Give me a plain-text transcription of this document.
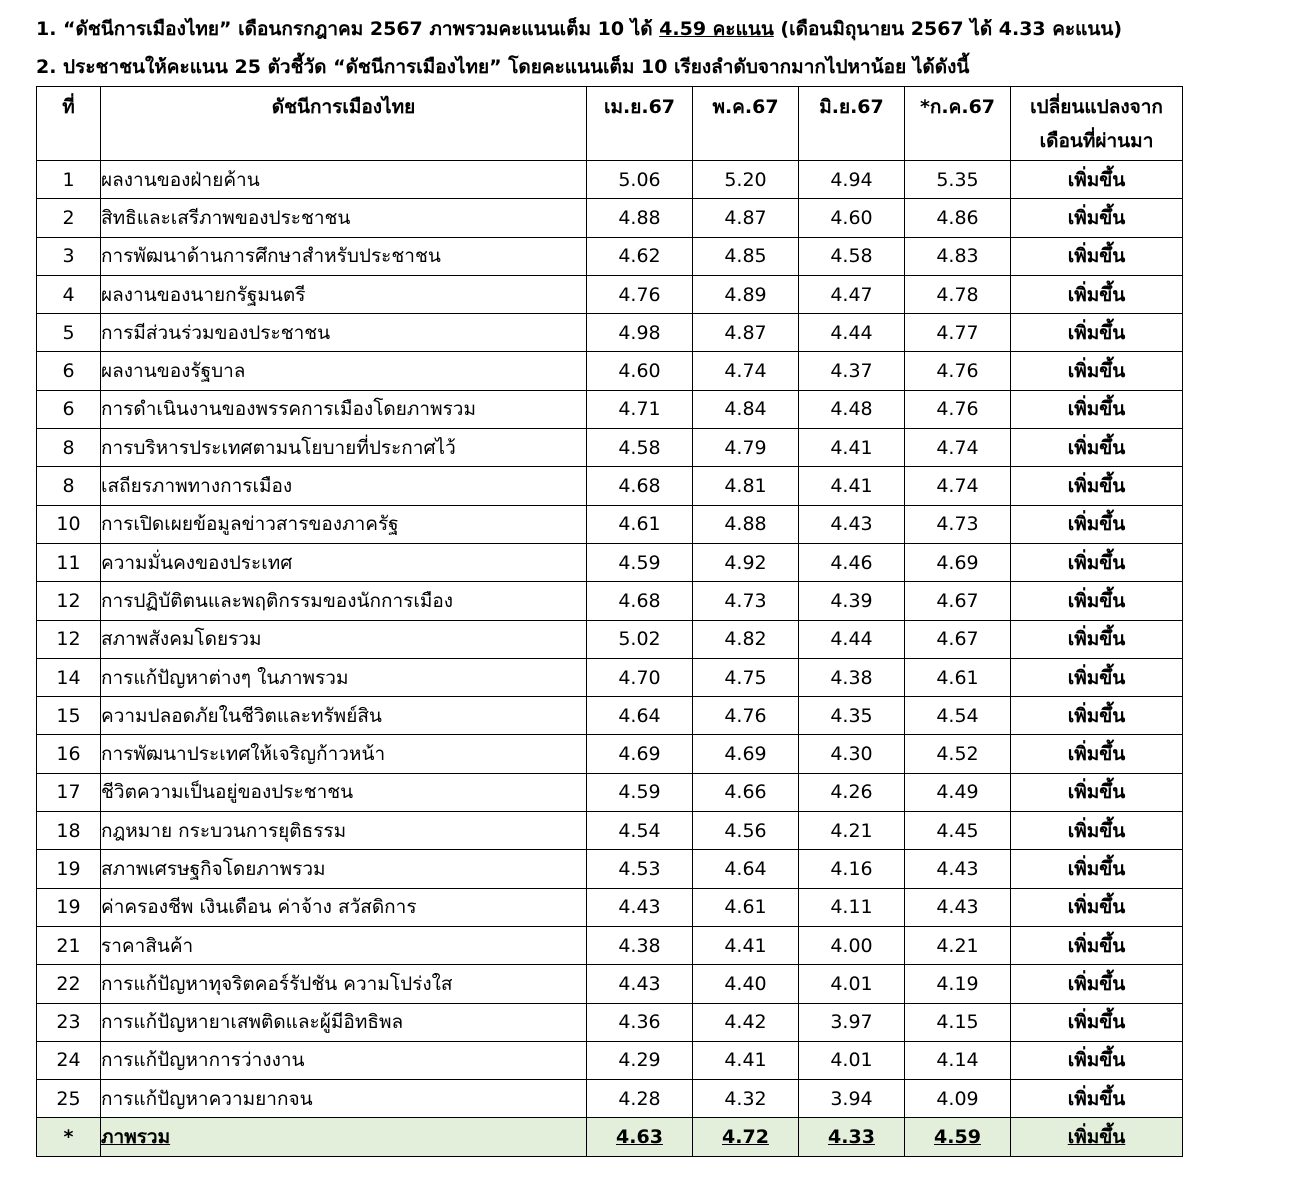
1. “ดัชนีการเมืองไทย” เดือนกรกฎาคม 2567 ภาพรวมคะแนนเต็ม 10 ได้ 4.59 คะแนน (เดือนมิถุนายน 2567 ได้ 4.33 คะแนน)
2. ประชาชนให้คะแนน 25 ตัวชี้วัด “ดัชนีการเมืองไทย” โดยคะแนนเต็ม 10 เรียงลำดับจากมากไปหาน้อย ได้ดังนี้
ที่	ดัชนีการเมืองไทย	เม.ย.67	พ.ค.67	มิ.ย.67	*ก.ค.67	เปลี่ยนแปลงจาก
เดือนที่ผ่านมา
1	ผลงานของฝ่ายค้าน	5.06	5.20	4.94	5.35	เพิ่มขึ้น
2	สิทธิและเสรีภาพของประชาชน	4.88	4.87	4.60	4.86	เพิ่มขึ้น
3	การพัฒนาด้านการศึกษาสำหรับประชาชน	4.62	4.85	4.58	4.83	เพิ่มขึ้น
4	ผลงานของนายกรัฐมนตรี	4.76	4.89	4.47	4.78	เพิ่มขึ้น
5	การมีส่วนร่วมของประชาชน	4.98	4.87	4.44	4.77	เพิ่มขึ้น
6	ผลงานของรัฐบาล	4.60	4.74	4.37	4.76	เพิ่มขึ้น
6	การดำเนินงานของพรรคการเมืองโดยภาพรวม	4.71	4.84	4.48	4.76	เพิ่มขึ้น
8	การบริหารประเทศตามนโยบายที่ประกาศไว้	4.58	4.79	4.41	4.74	เพิ่มขึ้น
8	เสถียรภาพทางการเมือง	4.68	4.81	4.41	4.74	เพิ่มขึ้น
10	การเปิดเผยข้อมูลข่าวสารของภาครัฐ	4.61	4.88	4.43	4.73	เพิ่มขึ้น
11	ความมั่นคงของประเทศ	4.59	4.92	4.46	4.69	เพิ่มขึ้น
12	การปฏิบัติตนและพฤติกรรมของนักการเมือง	4.68	4.73	4.39	4.67	เพิ่มขึ้น
12	สภาพสังคมโดยรวม	5.02	4.82	4.44	4.67	เพิ่มขึ้น
14	การแก้ปัญหาต่างๆ ในภาพรวม	4.70	4.75	4.38	4.61	เพิ่มขึ้น
15	ความปลอดภัยในชีวิตและทรัพย์สิน	4.64	4.76	4.35	4.54	เพิ่มขึ้น
16	การพัฒนาประเทศให้เจริญก้าวหน้า	4.69	4.69	4.30	4.52	เพิ่มขึ้น
17	ชีวิตความเป็นอยู่ของประชาชน	4.59	4.66	4.26	4.49	เพิ่มขึ้น
18	กฎหมาย กระบวนการยุติธรรม	4.54	4.56	4.21	4.45	เพิ่มขึ้น
19	สภาพเศรษฐกิจโดยภาพรวม	4.53	4.64	4.16	4.43	เพิ่มขึ้น
19	ค่าครองชีพ เงินเดือน ค่าจ้าง สวัสดิการ	4.43	4.61	4.11	4.43	เพิ่มขึ้น
21	ราคาสินค้า	4.38	4.41	4.00	4.21	เพิ่มขึ้น
22	การแก้ปัญหาทุจริตคอร์รัปชัน ความโปร่งใส	4.43	4.40	4.01	4.19	เพิ่มขึ้น
23	การแก้ปัญหายาเสพติดและผู้มีอิทธิพล	4.36	4.42	3.97	4.15	เพิ่มขึ้น
24	การแก้ปัญหาการว่างงาน	4.29	4.41	4.01	4.14	เพิ่มขึ้น
25	การแก้ปัญหาความยากจน	4.28	4.32	3.94	4.09	เพิ่มขึ้น
*	ภาพรวม	4.63	4.72	4.33	4.59	เพิ่มขึ้น
